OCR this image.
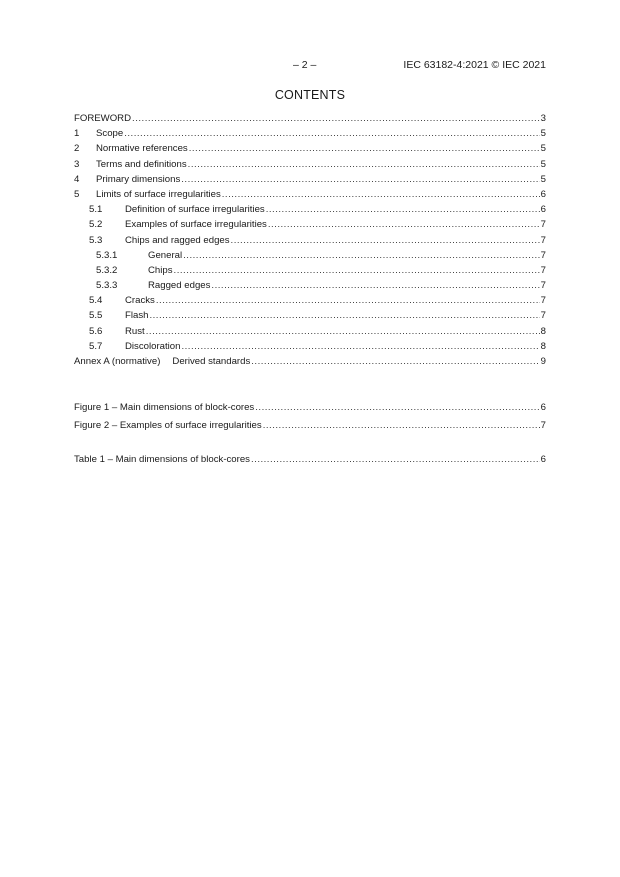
– 2 –	IEC 63182-4:2021 © IEC 2021
CONTENTS
FOREWORD .....	3
1	Scope .....	5
2	Normative references .....	5
3	Terms and definitions .....	5
4	Primary dimensions .....	5
5	Limits of surface irregularities .....	6
5.1	Definition of surface irregularities .....	6
5.2	Examples of surface irregularities .....	7
5.3	Chips and ragged edges .....	7
5.3.1	General .....	7
5.3.2	Chips .....	7
5.3.3	Ragged edges .....	7
5.4	Cracks .....	7
5.5	Flash .....	7
5.6	Rust .....	8
5.7	Discoloration .....	8
Annex A (normative) Derived standards .....	9
Figure 1 – Main dimensions of block-cores .....	6
Figure 2 – Examples of surface irregularities .....	7
Table 1 – Main dimensions of block-cores .....	6
